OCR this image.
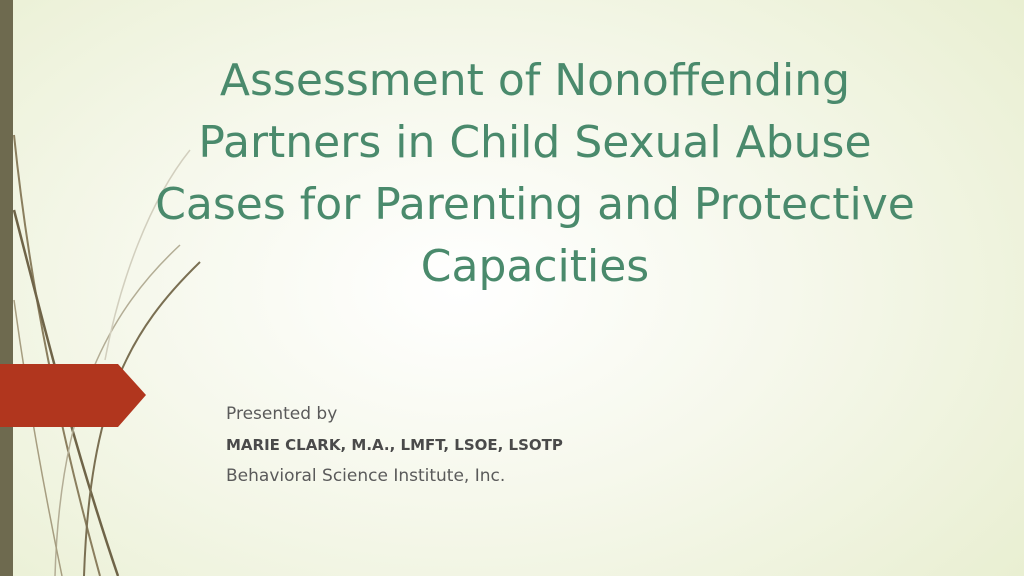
Assessment of Nonoffending Partners in Child Sexual Abuse Cases for Parenting and Protective Capacities
Presented by
MARIE CLARK, M.A., LMFT, LSOE, LSOTP
Behavioral Science Institute, Inc.
